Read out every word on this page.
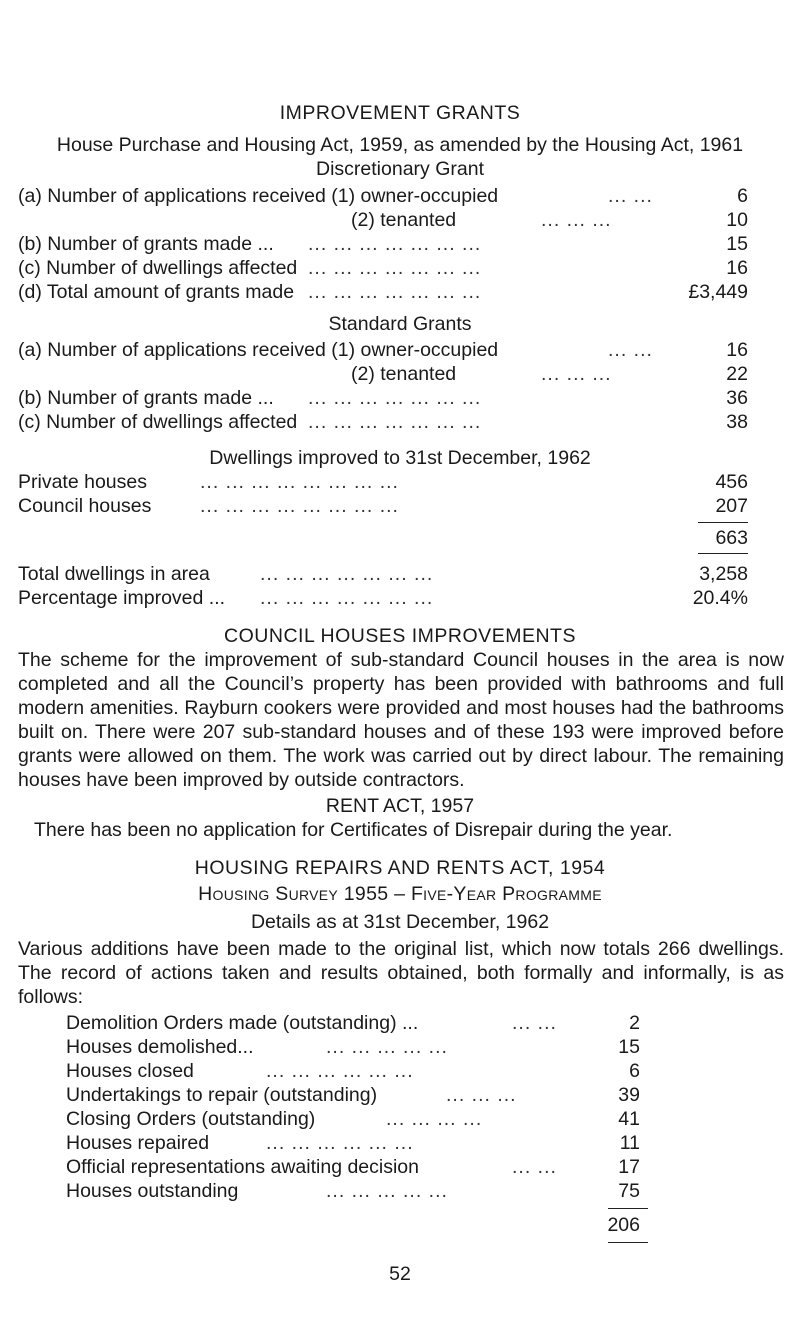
IMPROVEMENT GRANTS
House Purchase and Housing Act, 1959, as amended by the Housing Act, 1961
Discretionary Grant
(a) Number of applications received (1) owner-occupied	... ...	6
(2) tenanted	... ... ...	10
(b) Number of grants made ... ... ... ... ... ... ... ...	15
(c) Number of dwellings affected ... ... ... ... ... ... ...	16
(d) Total amount of grants made ... ... ... ... ... ... ...	£3,449
Standard Grants
(a) Number of applications received (1) owner-occupied	... ...	16
(2) tenanted	... ... ...	22
(b) Number of grants made ... ... ... ... ... ... ... ...	36
(c) Number of dwellings affected ... ... ... ... ... ... ...	38
Dwellings improved to 31st December, 1962
Private houses	... ... ... ... ... ... ... ...	456
Council houses ... ... ... ... ... ... ... ...	207
663
Total dwellings in area	... ... ... ... ... ... ...	3,258
Percentage improved ... ... ... ... ... ... ... ...	20.4%
COUNCIL HOUSES IMPROVEMENTS

The scheme for the improvement of sub-standard Council houses in the area is now completed and all the Council’s property has been provided with bathrooms and full modern amenities. Rayburn cookers were provided and most houses had the bathrooms built on. There were 207 sub-standard houses and of these 193 were improved before grants were allowed on them. The work was carried out by direct labour. The remaining houses have been improved by outside contractors.

RENT ACT, 1957
There has been no application for Certificates of Disrepair during the year.
HOUSING REPAIRS AND RENTS ACT, 1954
Housing Survey 1955 – Five-Year Programme
Details as at 31st December, 1962

Various additions have been made to the original list, which now totals 266 dwellings. The record of actions taken and results obtained, both formally and informally, is as follows:

Demolition Orders made (outstanding) ...	... ...	2
Houses demolished...	... ... ... ... ...	15
Houses closed	... ... ... ... ... ...	6
Undertakings to repair (outstanding)	... ... ...	39
Closing Orders (outstanding)	... ... ... ...	41
Houses repaired	... ... ... ... ... ...	11
Official representations awaiting decision	... ...	17
Houses outstanding	... ... ... ... ...	75
206
52
